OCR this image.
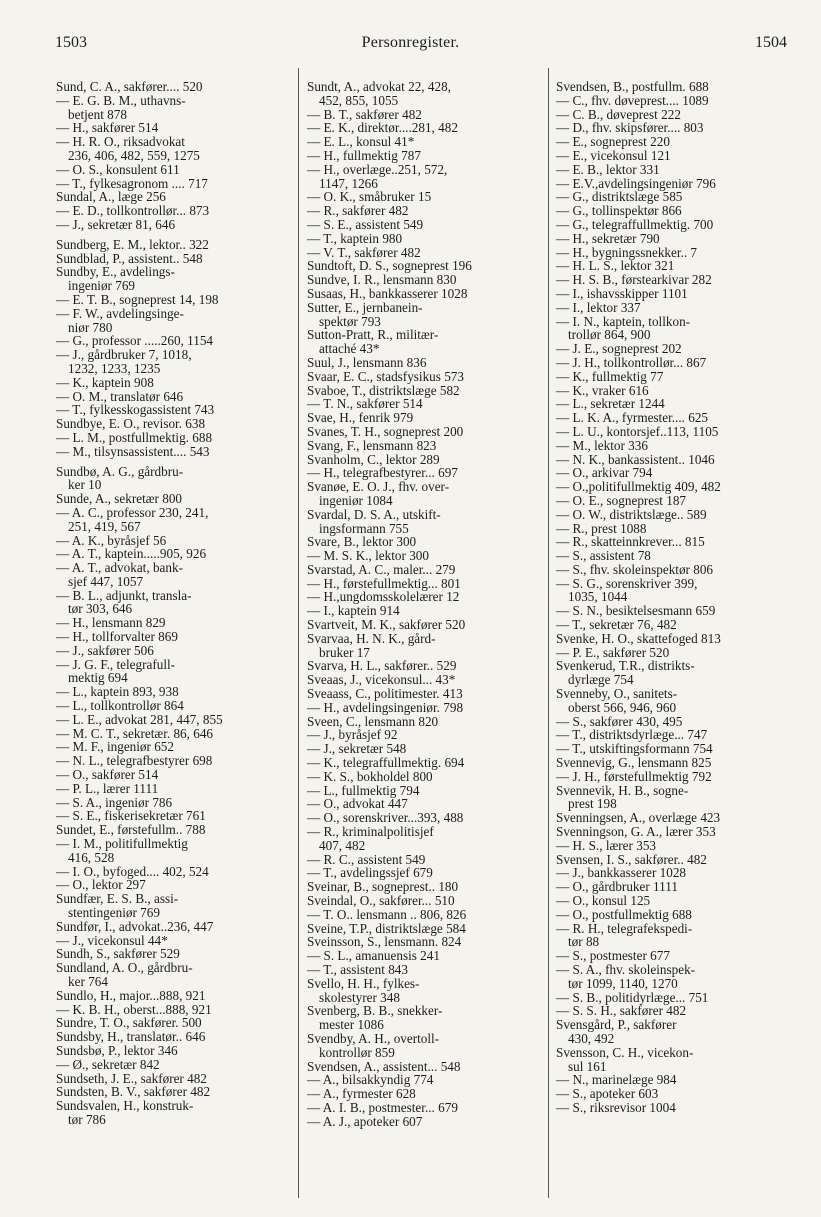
1503	Personregister.	1504
Sund, C. A., sakfører.... 520
— E. G. B. M., uthavns-
betjent 878
— H., sakfører 514
— H. R. O., riksadvokat
236, 406, 482, 559, 1275
— O. S., konsulent 611
— T., fylkesagronom .... 717
Sundal, A., læge 256
— E. D., tollkontrollør... 873
— J., sekretær 81, 646
Sundberg, E. M., lektor.. 322
Sundblad, P., assistent.. 548
Sundby, E., avdelings-
ingeniør 769
— E. T. B., sogneprest 14, 198
— F. W., avdelingsinge-
niør 780
— G., professor .....260, 1154
— J., gårdbruker 7, 1018,
1232, 1233, 1235
— K., kaptein 908
— O. M., translatør 646
— T., fylkesskogassistent 743
Sundbye, E. O., revisor. 638
— L. M., postfullmektig. 688
— M., tilsynsassistent.... 543
Sundbø, A. G., gårdbru-
ker 10
Sunde, A., sekretær 800
— A. C., professor 230, 241,
251, 419, 567
— A. K., byråsjef 56
— A. T., kaptein.....905, 926
— A. T., advokat, bank-
sjef 447, 1057
— B. L., adjunkt, transla-
tør 303, 646
— H., lensmann 829
— H., tollforvalter 869
— J., sakfører 506
— J. G. F., telegrafull-
mektig 694
— L., kaptein 893, 938
— L., tollkontrollør 864
— L. E., advokat 281, 447, 855
— M. C. T., sekretær. 86, 646
— M. F., ingeniør 652
— N. L., telegrafbestyrer 698
— O., sakfører 514
— P. L., lærer 1111
— S. A., ingeniør 786
— S. E., fiskerisekretær 761
Sundet, E., førstefullm.. 788
— I. M., politifullmektig
416, 528
— I. O., byfoged.... 402, 524
— O., lektor 297
Sundfær, E. S. B., assi-
stentingeniør 769
Sundfør, I., advokat..236, 447
— J., vicekonsul 44*
Sundh, S., sakfører 529
Sundland, A. O., gårdbru-
ker 764
Sundlo, H., major...888, 921
— K. B. H., oberst...888, 921
Sundre, T. O., sakfører. 500
Sundsby, H., translatør.. 646
Sundsbø, P., lektor 346
— Ø., sekretær 842
Sundseth, J. E., sakfører 482
Sundsten, B. V., sakfører 482
Sundsvalen, H., konstruk-
tør 786
Sundt, A., advokat 22, 428,
452, 855, 1055
— B. T., sakfører 482
— E. K., direktør....281, 482
— E. L., konsul 41*
— H., fullmektig 787
— H., overlæge..251, 572,
1147, 1266
— O. K., småbruker 15
— R., sakfører 482
— S. E., assistent 549
— T., kaptein 980
— V. T., sakfører 482
Sundtoft, D. S., sogneprest 196
Sundve, I. R., lensmann 830
Susaas, H., bankkasserer 1028
Sutter, E., jernbanein-
spektør 793
Sutton-Pratt, R., militær-
attaché 43*
Suul, J., lensmann 836
Svaar, E. C., stadsfysikus 573
Svaboe, T., distriktslæge 582
— T. N., sakfører 514
Svae, H., fenrik 979
Svanes, T. H., sogneprest 200
Svang, F., lensmann 823
Svanholm, C., lektor 289
— H., telegrafbestyrer... 697
Svanøe, E. O. J., fhv. over-
ingeniør 1084
Svardal, D. S. A., utskift-
ingsformann 755
Svare, B., lektor 300
— M. S. K., lektor 300
Svarstad, A. C., maler... 279
— H., førstefullmektig... 801
— H.,ungdomsskolelærer 12
— I., kaptein 914
Svartveit, M. K., sakfører 520
Svarvaa, H. N. K., gård-
bruker 17
Svarva, H. L., sakfører.. 529
Sveaas, J., vicekonsul... 43*
Sveaass, C., politimester. 413
— H., avdelingsingeniør. 798
Sveen, C., lensmann 820
— J., byråsjef 92
— J., sekretær 548
— K., telegraffullmektig. 694
— K. S., bokholdel 800
— L., fullmektig 794
— O., advokat 447
— O., sorenskriver...393, 488
— R., kriminalpolitisjef
407, 482
— R. C., assistent 549
— T., avdelingssjef 679
Sveinar, B., sogneprest.. 180
Sveindal, O., sakfører... 510
— T. O.. lensmann .. 806, 826
Sveine, T.P., distriktslæge 584
Sveinsson, S., lensmann. 824
— S. L., amanuensis 241
— T., assistent 843
Svello, H. H., fylkes-
skolestyrer 348
Svenberg, B. B., snekker-
mester 1086
Svendby, A. H., overtoll-
kontrollør 859
Svendsen, A., assistent... 548
— A., bilsakkyndig 774
— A., fyrmester 628
— A. I. B., postmester... 679
— A. J., apoteker 607
Svendsen, B., postfullm. 688
— C., fhv. døveprest.... 1089
— C. B., døveprest 222
— D., fhv. skipsfører.... 803
— E., sogneprest 220
— E., vicekonsul 121
— E. B., lektor 331
— E.V.,avdelingsingeniør 796
— G., distriktslæge 585
— G., tollinspektør 866
— G., telegraffullmektig. 700
— H., sekretær 790
— H., bygningssnekker.. 7
— H. L. S., lektor 321
— H. S. B., førstearkivar 282
— I., ishavsskipper 1101
— I., lektor 337
— I. N., kaptein, tollkon-
trollør 864, 900
— J. E., sogneprest 202
— J. H., tollkontrollør... 867
— K., fullmektig 77
— K., vraker 616
— L., sekretær 1244
— L. K. A., fyrmester.... 625
— L. U., kontorsjef..113, 1105
— M., lektor 336
— N. K., bankassistent.. 1046
— O., arkivar 794
— O.,politifullmektig 409, 482
— O. E., sogneprest 187
— O. W., distriktslæge.. 589
— R., prest 1088
— R., skatteinnkrever... 815
— S., assistent 78
— S., fhv. skoleinspektør 806
— S. G., sorenskriver 399,
1035, 1044
— S. N., besiktelsesmann 659
— T., sekretær 76, 482
Svenke, H. O., skattefoged 813
— P. E., sakfører 520
Svenkerud, T.R., distrikts-
dyrlæge 754
Svenneby, O., sanitets-
oberst 566, 946, 960
— S., sakfører 430, 495
— T., distriktsdyrlæge... 747
— T., utskiftingsformann 754
Svennevig, G., lensmann 825
— J. H., førstefullmektig 792
Svennevik, H. B., sogne-
prest 198
Svenningsen, A., overlæge 423
Svenningson, G. A., lærer 353
— H. S., lærer 353
Svensen, I. S., sakfører.. 482
— J., bankkasserer 1028
— O., gårdbruker 1111
— O., konsul 125
— O., postfullmektig 688
— R. H., telegrafekspedi-
tør 88
— S., postmester 677
— S. A., fhv. skoleinspek-
tør 1099, 1140, 1270
— S. B., politidyrlæge... 751
— S. S. H., sakfører 482
Svensgård, P., sakfører
430, 492
Svensson, C. H., vicekon-
sul 161
— N., marinelæge 984
— S., apoteker 603
— S., riksrevisor 1004
